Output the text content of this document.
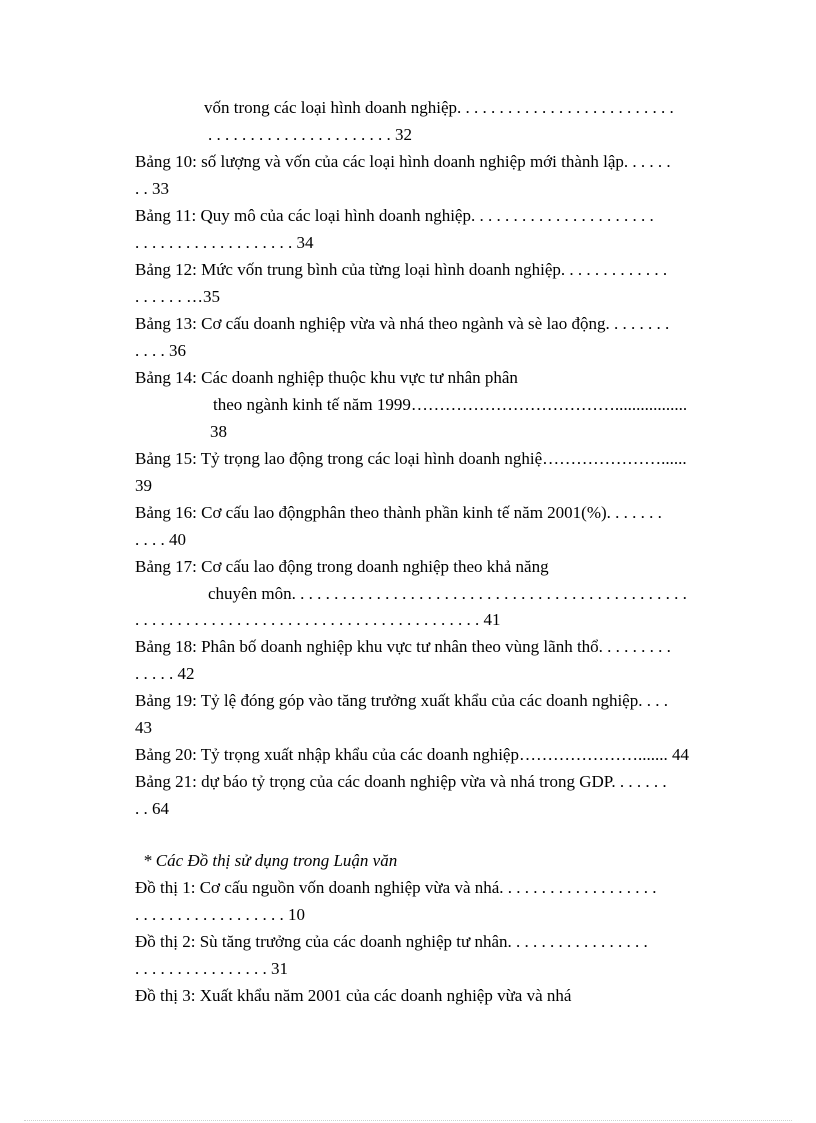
vốn trong các loại hình doanh nghiệp. . . . . . . . . . . . . . . . . . . . . . . . . .
. . . . . . . . . . . . . . . . . . . . . . 32
Bảng 10: số lượng và vốn của các loại hình doanh nghiệp mới thành lập. . . . . .
. . 33
Bảng 11: Quy mô của các loại hình doanh nghiệp. . . . . . . . . . . . . . . . . . . . . .
. . . . . . . . . . . . . . . . . . . 34
Bảng 12: Mức vốn trung bình của từng loại hình doanh nghiệp. . . . . . . . . . . . .
. . . . . . …35
Bảng 13: Cơ cấu doanh nghiệp vừa và nhá theo ngành và sè lao động. . . . . . . .
. . . . 36
Bảng 14: Các doanh nghiệp thuộc khu vực tư nhân phân
theo ngành kinh tế năm 1999……………………………….................
38
Bảng 15: Tỷ trọng lao động trong các loại hình doanh nghiệ…………………......
39
Bảng 16: Cơ cấu lao độngphân theo thành phần kinh tế năm 2001(%). . . . . . .
. . . . 40
Bảng 17: Cơ cấu lao động trong doanh nghiệp theo khả năng
chuyên môn. . . . . . . . . . . . . . . . . . . . . . . . . . . . . . . . . . . . . . . . . . . . . . .
. . . . . . . . . . . . . . . . . . . . . . . . . . . . . . . . . . . . . . . . . 41
Bảng 18: Phân bố doanh nghiệp khu vực tư nhân theo vùng lãnh thổ. . . . . . . . .
. . . . . 42
Bảng 19: Tỷ lệ đóng góp vào tăng trưởng xuất khẩu của các doanh nghiệp. . . .
43
Bảng 20: Tỷ trọng xuất nhập khẩu của các doanh nghiệp…………………....... 44
Bảng 21: dự báo tỷ trọng của các doanh nghiệp vừa và nhá trong GDP. . . . . . .
. . 64
* Các Đồ thị sử dụng trong Luận văn
Đồ thị 1: Cơ cấu nguồn vốn doanh nghiệp vừa và nhá. . . . . . . . . . . . . . . . . . .
. . . . . . . . . . . . . . . . . . 10
Đồ thị 2: Sù tăng trưởng của các doanh nghiệp tư nhân. . . . . . . . . . . . . . . . .
. . . . . . . . . . . . . . . . 31
Đồ thị 3: Xuất khẩu năm 2001 của các doanh nghiệp vừa và nhá
